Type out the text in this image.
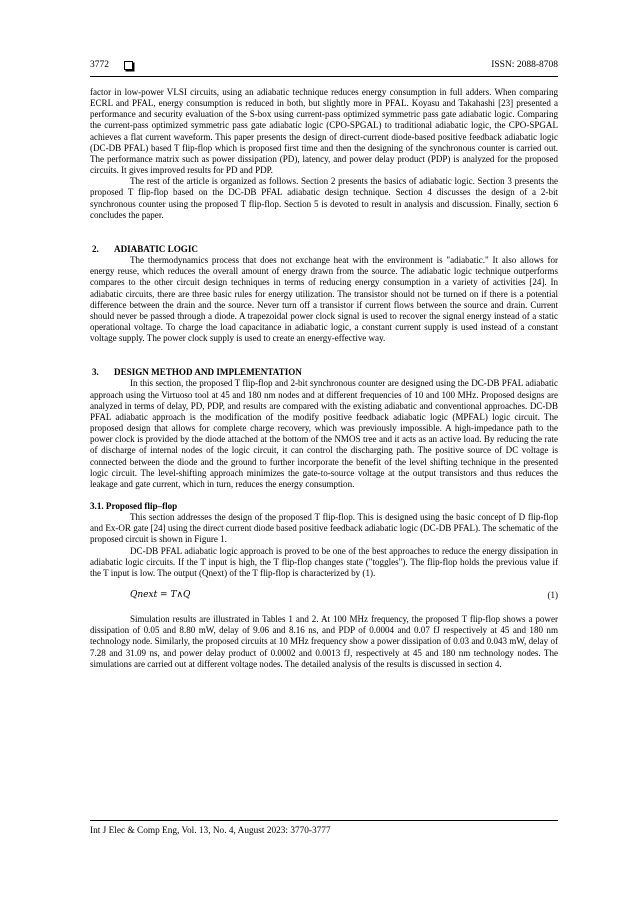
3772	ISSN: 2088-8708

factor in low-power VLSI circuits, using an adiabatic technique reduces energy consumption in full adders. When comparing ECRL and PFAL, energy consumption is reduced in both, but slightly more in PFAL. Koyasu and Takahashi [23] presented a performance and security evaluation of the S-box using current-pass optimized symmetric pass gate adiabatic logic. Comparing the current-pass optimized symmetric pass gate adiabatic logic (CPO-SPGAL) to traditional adiabatic logic, the CPO-SPGAL achieves a flat current waveform. This paper presents the design of direct-current diode-based positive feedback adiabatic logic (DC-DB PFAL) based T flip-flop which is proposed first time and then the designing of the synchronous counter is carried out. The performance matrix such as power dissipation (PD), latency, and power delay product (PDP) is analyzed for the proposed circuits. It gives improved results for PD and PDP.

The rest of the article is organized as follows. Section 2 presents the basics of adiabatic logic. Section 3 presents the proposed T flip-flop based on the DC-DB PFAL adiabatic design technique. Section 4 discusses the design of a 2-bit synchronous counter using the proposed T flip-flop. Section 5 is devoted to result in analysis and discussion. Finally, section 6 concludes the paper.

2. ADIABATIC LOGIC

The thermodynamics process that does not exchange heat with the environment is "adiabatic." It also allows for energy reuse, which reduces the overall amount of energy drawn from the source. The adiabatic logic technique outperforms compares to the other circuit design techniques in terms of reducing energy consumption in a variety of activities [24]. In adiabatic circuits, there are three basic rules for energy utilization. The transistor should not be turned on if there is a potential difference between the drain and the source. Never turn off a transistor if current flows between the source and drain. Current should never be passed through a diode. A trapezoidal power clock signal is used to recover the signal energy instead of a static operational voltage. To charge the load capacitance in adiabatic logic, a constant current supply is used instead of a constant voltage supply. The power clock supply is used to create an energy-effective way.

3. DESIGN METHOD AND IMPLEMENTATION

In this section, the proposed T flip-flop and 2-bit synchronous counter are designed using the DC-DB PFAL adiabatic approach using the Virtuoso tool at 45 and 180 nm nodes and at different frequencies of 10 and 100 MHz. Proposed designs are analyzed in terms of delay, PD, PDP, and results are compared with the existing adiabatic and conventional approaches. DC-DB PFAL adiabatic approach is the modification of the modify positive feedback adiabatic logic (MPFAL) logic circuit. The proposed design that allows for complete charge recovery, which was previously impossible. A high-impedance path to the power clock is provided by the diode attached at the bottom of the NMOS tree and it acts as an active load. By reducing the rate of discharge of internal nodes of the logic circuit, it can control the discharging path. The positive source of DC voltage is connected between the diode and the ground to further incorporate the benefit of the level shifting technique in the presented logic circuit. The level-shifting approach minimizes the gate-to-source voltage at the output transistors and thus reduces the leakage and gate current, which in turn, reduces the energy consumption.

3.1. Proposed flip–flop

This section addresses the design of the proposed T flip-flop. This is designed using the basic concept of D flip-flop and Ex-OR gate [24] using the direct current diode based positive feedback adiabatic logic (DC-DB PFAL). The schematic of the proposed circuit is shown in Figure 1.

DC-DB PFAL adiabatic logic approach is proved to be one of the best approaches to reduce the energy dissipation in adiabatic logic circuits. If the T input is high, the T flip-flop changes state ("toggles"). The flip-flop holds the previous value if the T input is low. The output (Qnext) of the T flip-flop is characterized by (1).

Qnext = T∧Q	(1)

Simulation results are illustrated in Tables 1 and 2. At 100 MHz frequency, the proposed T flip-flop shows a power dissipation of 0.05 and 8.80 mW, delay of 9.06 and 8.16 ns, and PDP of 0.0004 and 0.07 fJ respectively at 45 and 180 nm technology node. Similarly, the proposed circuits at 10 MHz frequency show a power dissipation of 0.03 and 0.043 mW, delay of 7.28 and 31.09 ns, and power delay product of 0.0002 and 0.0013 fJ, respectively at 45 and 180 nm technology nodes. The simulations are carried out at different voltage nodes. The detailed analysis of the results is discussed in section 4.

Int J Elec & Comp Eng, Vol. 13, No. 4, August 2023: 3770-3777
